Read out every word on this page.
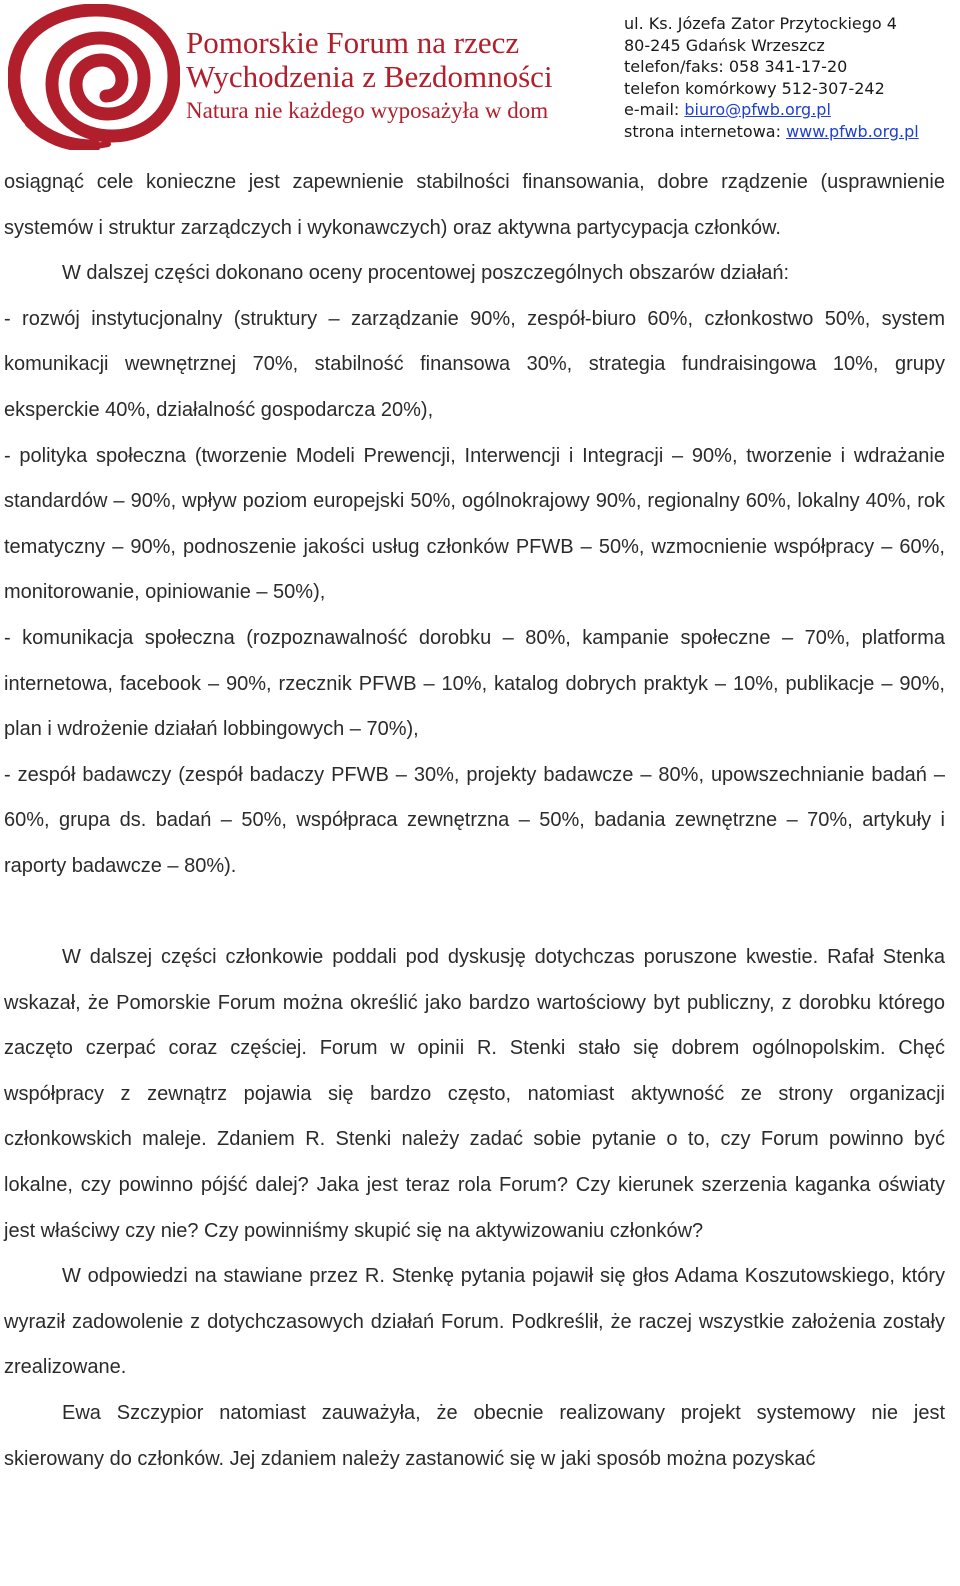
Pomorskie Forum na rzecz
Wychodzenia z Bezdomności
Natura nie każdego wyposażyła w dom
ul. Ks. Józefa Zator Przytockiego 4
80-245 Gdańsk Wrzeszcz
telefon/faks: 058 341-17-20
telefon komórkowy 512-307-242
e-mail: biuro@pfwb.org.pl
strona internetowa: www.pfwb.org.pl

osiągnąć cele konieczne jest zapewnienie stabilności finansowania, dobre rządzenie (usprawnienie systemów i struktur zarządczych i wykonawczych) oraz aktywna partycypacja członków.

W dalszej części dokonano oceny procentowej poszczególnych obszarów działań:

- rozwój instytucjonalny (struktury – zarządzanie 90%, zespół-biuro 60%, członkostwo 50%, system komunikacji wewnętrznej 70%, stabilność finansowa 30%, strategia fundraisingowa 10%, grupy eksperckie 40%, działalność gospodarcza 20%),

- polityka społeczna (tworzenie Modeli Prewencji, Interwencji i Integracji – 90%, tworzenie i wdrażanie standardów – 90%, wpływ poziom europejski 50%, ogólnokrajowy 90%, regionalny 60%, lokalny 40%, rok tematyczny – 90%, podnoszenie jakości usług członków PFWB – 50%, wzmocnienie współpracy – 60%, monitorowanie, opiniowanie – 50%),

- komunikacja społeczna (rozpoznawalność dorobku – 80%, kampanie społeczne – 70%, platforma internetowa, facebook – 90%, rzecznik PFWB – 10%, katalog dobrych praktyk – 10%, publikacje – 90%, plan i wdrożenie działań lobbingowych – 70%),

- zespół badawczy (zespół badaczy PFWB – 30%, projekty badawcze – 80%, upowszechnianie badań – 60%, grupa ds. badań – 50%, współpraca zewnętrzna – 50%, badania zewnętrzne – 70%, artykuły i raporty badawcze – 80%).

W dalszej części członkowie poddali pod dyskusję dotychczas poruszone kwestie. Rafał Stenka wskazał, że Pomorskie Forum można określić jako bardzo wartościowy byt publiczny, z dorobku którego zaczęto czerpać coraz częściej. Forum w opinii R. Stenki stało się dobrem ogólnopolskim. Chęć współpracy z zewnątrz pojawia się bardzo często, natomiast aktywność ze strony organizacji członkowskich maleje. Zdaniem R. Stenki należy zadać sobie pytanie o to, czy Forum powinno być lokalne, czy powinno pójść dalej? Jaka jest teraz rola Forum? Czy kierunek szerzenia kaganka oświaty jest właściwy czy nie? Czy powinniśmy skupić się na aktywizowaniu członków?

W odpowiedzi na stawiane przez R. Stenkę pytania pojawił się głos Adama Koszutowskiego, który wyraził zadowolenie z dotychczasowych działań Forum. Podkreślił, że raczej wszystkie założenia zostały zrealizowane.

Ewa Szczypior natomiast zauważyła, że obecnie realizowany projekt systemowy nie jest skierowany do członków. Jej zdaniem należy zastanowić się w jaki sposób można pozyskać
